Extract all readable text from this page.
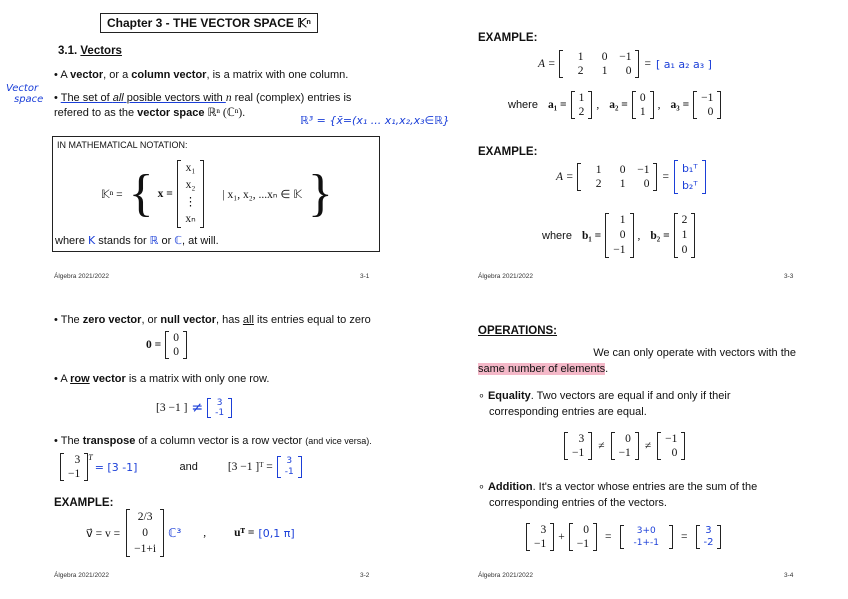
Chapter 3 - THE VECTOR SPACE 𝕂ⁿ
3.1. Vectors
• A vector, or a column vector, is a matrix with one column.
• The set of all posible vectors with n real (complex) entries is
refered to as the vector space ℝⁿ (ℂⁿ).
Vector
space
ℝ³ = {x̄=(x₁ ... x₁,x₂,x₃∈ℝ}
IN MATHEMATICAL NOTATION:
𝕂ⁿ = { x =
x₁
x₂
⋮
xₙ
| x₁, x₂, ...xₙ ∈ 𝕂 }
where K stands for ℝ or ℂ, at will.
Álgebra 2021/2022	3-1
EXAMPLE:
A =
1	0	−1
2	1	0
= [ a₁ a₂ a₃ ]
where a₁ =
1
2
, a₂ =
0
1
, a₃ =
−1
0
EXAMPLE:
A =
1	0	−1
2	1	0
=
b₁ᵀ
b₂ᵀ
where b₁ =
1
0
−1
, b₂ =
2
1
0
Álgebra 2021/2022	3-3
• The zero vector, or null vector, has all its entries equal to zero
0 =
0
0
• A row vector is a matrix with only one row.
[3 −1 ] ≠ 3
-1
• The transpose of a column vector is a row vector (and vice versa).
3
−1
$^T$
= [3 -1]	and	[3 −1 ]ᵀ = 3
-1
EXAMPLE:
v⃗ = v =
2/3
0
−1+i
ℂ³ , uᵀ = [0,1 π]
Álgebra 2021/2022	3-2
OPERATIONS:
We can only operate with vectors with the
same number of elements.
∘ Equality. Two vectors are equal if and only if their
corresponding entries are equal.
3
−1
≠
0
−1
≠
−1
0
∘ Addition. It's a vector whose entries are the sum of the
corresponding entries of the vectors.
3
−1
+
0
−1
=	3+0
-1+-1 =
3
-2
Álgebra 2021/2022	3-4
